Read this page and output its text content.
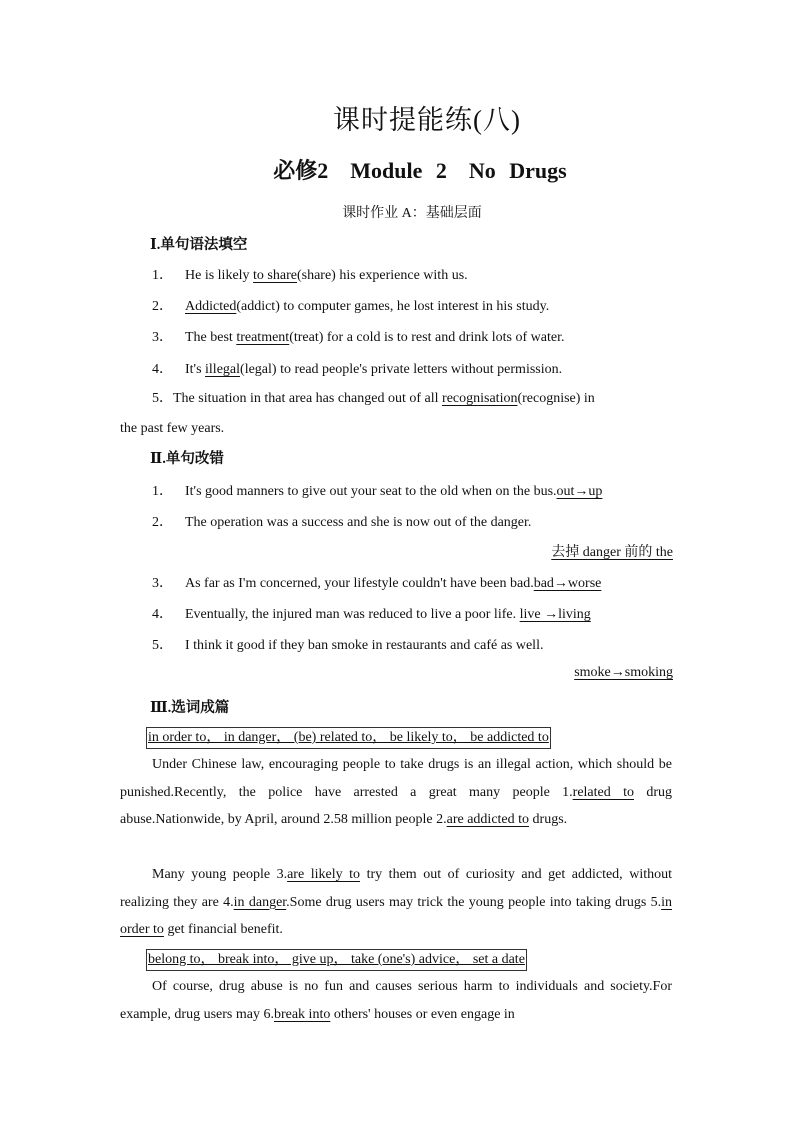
课时提能练(八)
必修2　Module 2　No Drugs
课时作业 A：基础层面
Ⅰ.单句语法填空
1． He is likely to share(share) his experience with us.
2． Addicted(addict) to computer games, he lost interest in his study.
3． The best treatment(treat) for a cold is to rest and drink lots of water.
4． It's illegal(legal) to read people's private letters without permission.
5．The situation in that area has changed out of all recognisation(recognise) in
the past few years.
Ⅱ.单句改错
1． It's good manners to give out your seat to the old when on the bus.out→up
2． The operation was a success and she is now out of the danger.
去掉 danger 前的 the
3． As far as I'm concerned, your lifestyle couldn't have been bad.bad→worse
4． Eventually, the injured man was reduced to live a poor life. live →living
5． I think it good if they ban smoke in restaurants and café as well.
smoke→smoking
Ⅲ.选词成篇
in order to， in danger， (be) related to， be likely to， be addicted to
Under Chinese law, encouraging people to take drugs is an illegal action, which should be punished.Recently, the police have arrested a great many people 1.related to drug abuse.Nationwide, by April, around 2.58 million people 2.are addicted to drugs.
Many young people 3.are likely to try them out of curiosity and get addicted, without realizing they are 4.in danger.Some drug users may trick the young people into taking drugs 5.in order to get financial benefit.
belong to， break into， give up， take (one's) advice， set a date
Of course, drug abuse is no fun and causes serious harm to individuals and society.For example, drug users may 6.break into others' houses or even engage in
